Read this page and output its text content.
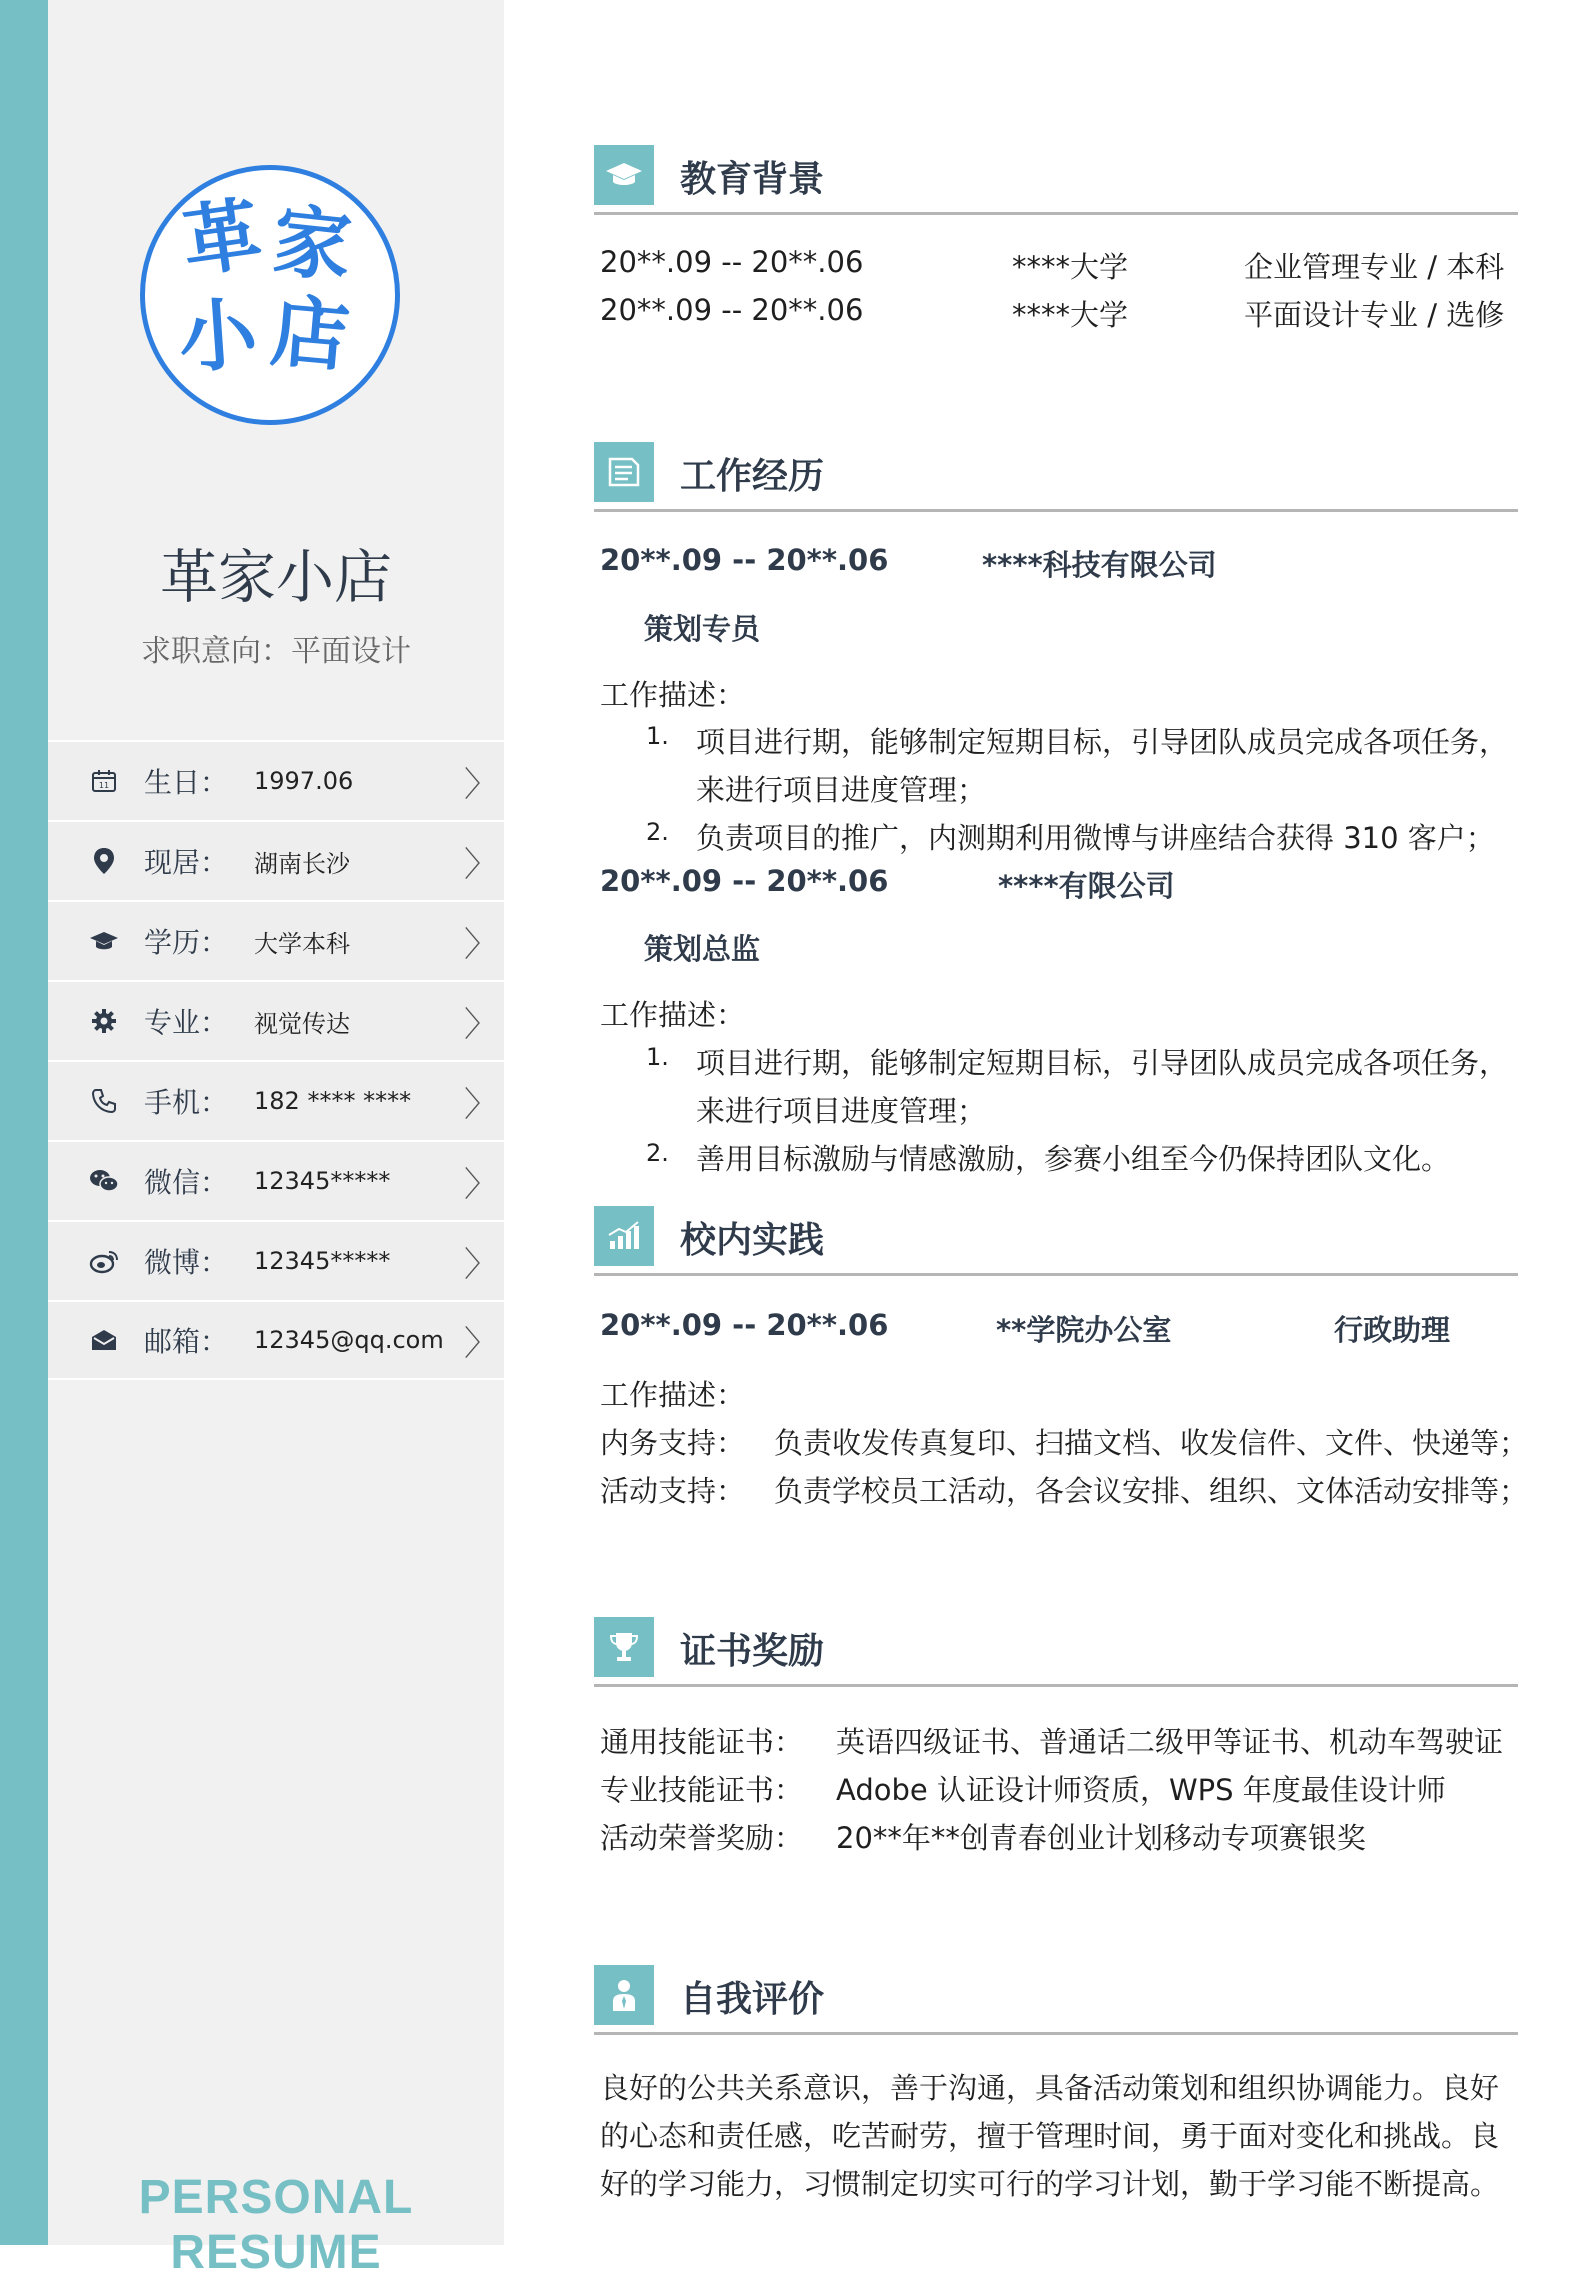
革 家
小 店
革家小店
求职意向：平面设计
11 生日：	1997.06	〉
现居：	湖南长沙	〉
学历：	大学本科	〉
专业：	视觉传达	〉
手机：	182 **** ****	〉
微信：	12345*****	〉
微博：	12345*****	〉
邮箱：	12345@qq.com 〉
PERSONAL RESUME
教育背景
20**.09 -- 20**.06	****大学	企业管理专业 / 本科
20**.09 -- 20**.06	****大学	平面设计专业 / 选修
工作经历
20**.09 -- 20**.06	****科技有限公司
策划专员
工作描述：
1. 项目进行期，能够制定短期目标，引导团队成员完成各项任务，
来进行项目进度管理；
2. 负责项目的推广，内测期利用微博与讲座结合获得 310 客户；
20**.09 -- 20**.06	****有限公司
策划总监
工作描述：
1. 项目进行期，能够制定短期目标，引导团队成员完成各项任务，
来进行项目进度管理；
2. 善用目标激励与情感激励，参赛小组至今仍保持团队文化。
校内实践
20**.09 -- 20**.06	**学院办公室	行政助理
工作描述：
内务支持： 负责收发传真复印、扫描文档、收发信件、文件、快递等；
活动支持： 负责学校员工活动，各会议安排、组织、文体活动安排等；
证书奖励
通用技能证书： 英语四级证书、普通话二级甲等证书、机动车驾驶证
专业技能证书： Adobe 认证设计师资质，WPS 年度最佳设计师
活动荣誉奖励： 20**年**创青春创业计划移动专项赛银奖
自我评价
良好的公共关系意识，善于沟通，具备活动策划和组织协调能力。良好
的心态和责任感，吃苦耐劳，擅于管理时间，勇于面对变化和挑战。良
好的学习能力，习惯制定切实可行的学习计划，勤于学习能不断提高。
